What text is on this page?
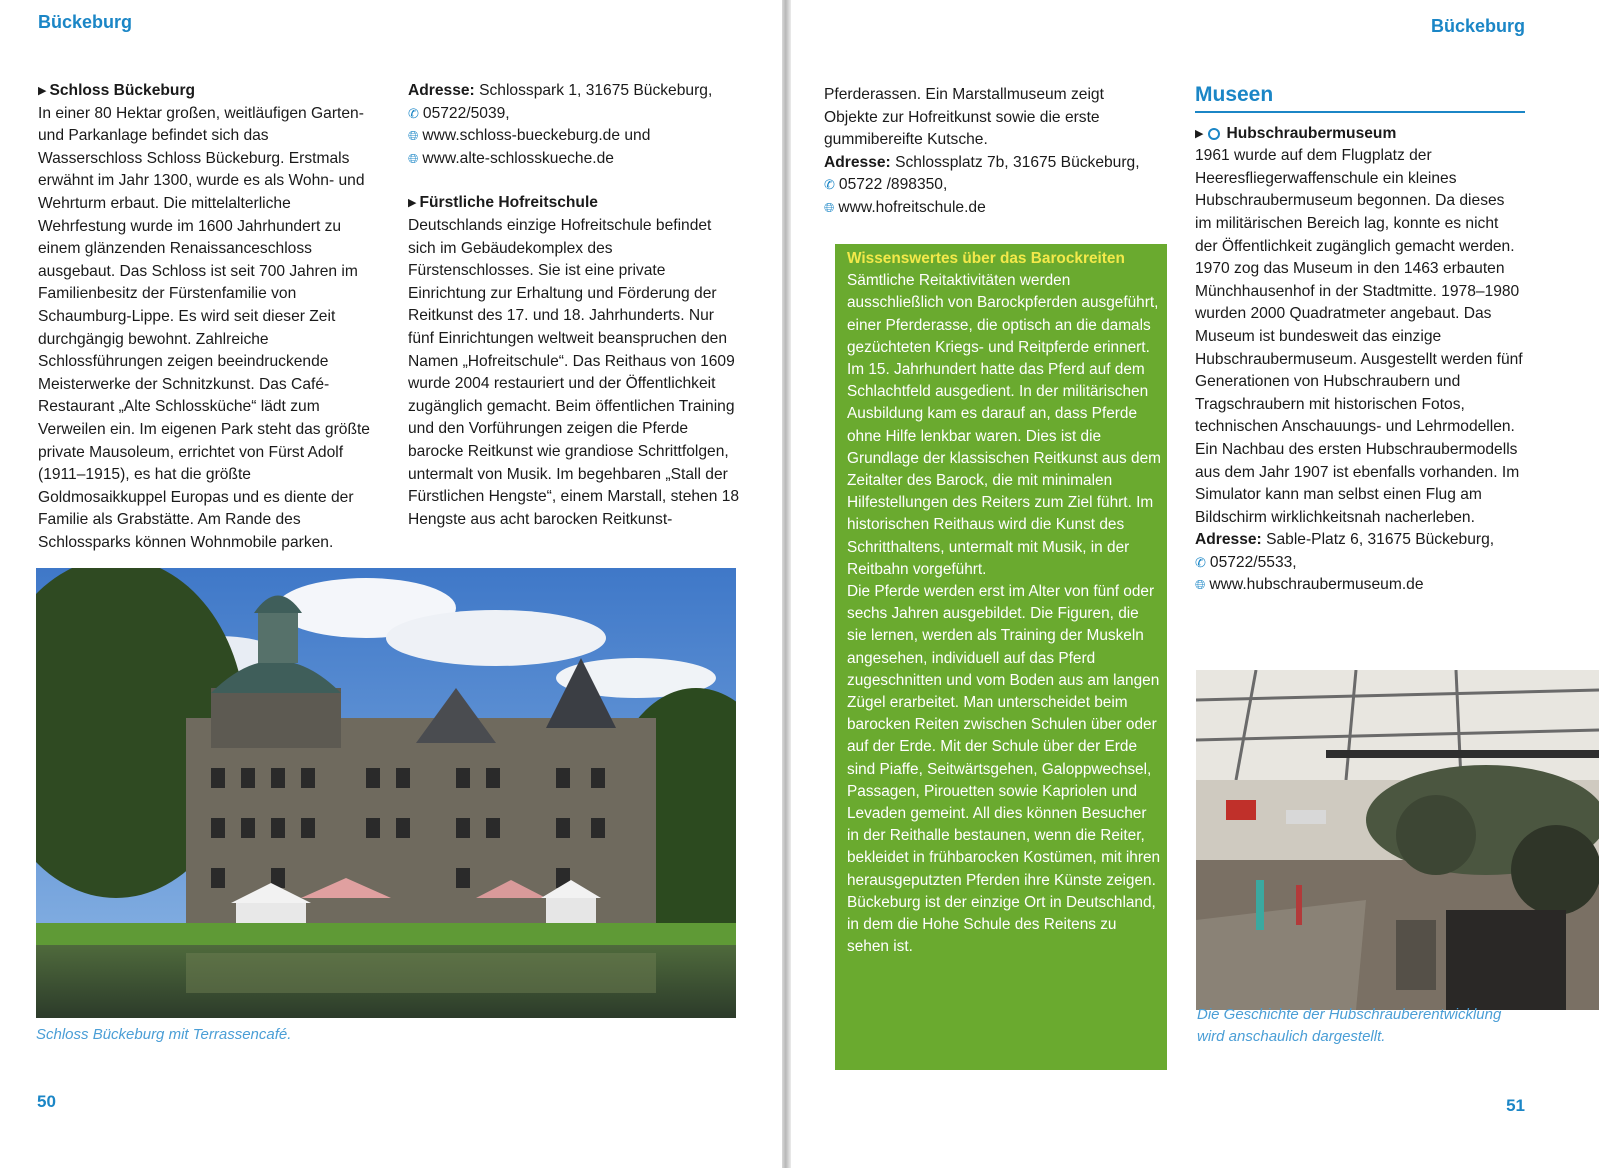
Bückeburg
▶ Schloss Bückeburg

In einer 80 Hektar großen, weitläufigen Garten- und Parkanlage befindet sich das Wasserschloss Schloss Bückeburg. Erstmals erwähnt im Jahr 1300, wurde es als Wohn- und Wehrturm erbaut. Die mittelalterliche Wehrfestung wurde im 1600 Jahrhundert zu einem glänzenden Renaissanceschloss ausgebaut. Das Schloss ist seit 700 Jahren im Familienbesitz der Fürstenfamilie von Schaumburg-Lippe. Es wird seit dieser Zeit durchgängig bewohnt. Zahlreiche Schlossführungen zeigen beeindruckende Meisterwerke der Schnitzkunst. Das Café-Restaurant „Alte Schlossküche“ lädt zum Verweilen ein. Im eigenen Park steht das größte private Mausoleum, errichtet von Fürst Adolf (1911–1915), es hat die größte Goldmosaikkuppel Europas und es diente der Familie als Grabstätte. Am Rande des Schlossparks können Wohnmobile parken.

Adresse: Schlosspark 1, 31675 Bückeburg,
✆ 05722/5039,
🌐︎ www.schloss-bueckeburg.de und
🌐︎ www.alte-schlosskueche.de
▶ Fürstliche Hofreitschule

Deutschlands einzige Hofreitschule befindet sich im Gebäudekomplex des Fürstenschlosses. Sie ist eine private Einrichtung zur Erhaltung und Förderung der Reitkunst des 17. und 18. Jahrhunderts. Nur fünf Einrichtungen weltweit beanspruchen den Namen „Hofreitschule“. Das Reithaus von 1609 wurde 2004 restauriert und der Öffentlichkeit zugänglich gemacht. Beim öffentlichen Training und den Vorführungen zeigen die Pferde barocke Reitkunst wie grandiose Schrittfolgen, untermalt von Musik. Im begehbaren „Stall der Fürstlichen Hengste“, einem Marstall, stehen 18 Hengste aus acht barocken Reitkunst-

Schloss Bückeburg mit Terrassencafé.
50
Bückeburg

Pferderassen. Ein Marstallmuseum zeigt Objekte zur Hofreitkunst sowie die erste gummibereifte Kutsche.

Adresse: Schlossplatz 7b, 31675 Bückeburg, ✆ 05722 /898350,
🌐︎ www.hofreitschule.de
Wissenswertes über das Barockreiten

Sämtliche Reitaktivitäten werden ausschließlich von Barockpferden ausgeführt, einer Pferderasse, die optisch an die damals gezüchteten Kriegs- und Reitpferde erinnert.

Im 15. Jahrhundert hatte das Pferd auf dem Schlachtfeld ausgedient. In der militärischen Ausbildung kam es darauf an, dass Pferde ohne Hilfe lenkbar waren. Dies ist die Grundlage der klassischen Reitkunst aus dem Zeitalter des Barock, die mit minimalen Hilfestellungen des Reiters zum Ziel führt. Im historischen Reithaus wird die Kunst des Schritthaltens, untermalt mit Musik, in der Reitbahn vorgeführt.

Die Pferde werden erst im Alter von fünf oder sechs Jahren ausgebildet. Die Figuren, die sie lernen, werden als Training der Muskeln angesehen, individuell auf das Pferd zugeschnitten und vom Boden aus am langen Zügel erarbeitet. Man unterscheidet beim barocken Reiten zwischen Schulen über oder auf der Erde. Mit der Schule über der Erde sind Piaffe, Seitwärtsgehen, Galoppwechsel, Passagen, Pirouetten sowie Kapriolen und Levaden gemeint. All dies können Besucher in der Reithalle bestaunen, wenn die Reiter, bekleidet in frühbarocken Kostümen, mit ihren herausgeputzten Pferden ihre Künste zeigen. Bückeburg ist der einzige Ort in Deutschland, in dem die Hohe Schule des Reitens zu sehen ist.

Museen
▶ Hubschraubermuseum

1961 wurde auf dem Flugplatz der Heeresfliegerwaffenschule ein kleines Hubschraubermuseum begonnen. Da dieses im militärischen Bereich lag, konnte es nicht der Öffentlichkeit zugänglich gemacht werden. 1970 zog das Museum in den 1463 erbauten Münchhausenhof in der Stadtmitte. 1978–1980 wurden 2000 Quadratmeter angebaut. Das Museum ist bundesweit das einzige Hubschraubermuseum. Ausgestellt werden fünf Generationen von Hubschraubern und Tragschraubern mit historischen Fotos, technischen Anschauungs- und Lehrmodellen. Ein Nachbau des ersten Hubschraubermodells aus dem Jahr 1907 ist ebenfalls vorhanden. Im Simulator kann man selbst einen Flug am Bildschirm wirklichkeitsnah nacherleben.

Adresse: Sable-Platz 6, 31675 Bückeburg,
✆ 05722/5533,
🌐︎ www.hubschraubermuseum.de
Die Geschichte der Hubschrauberentwicklung
wird anschaulich dargestellt.
51
